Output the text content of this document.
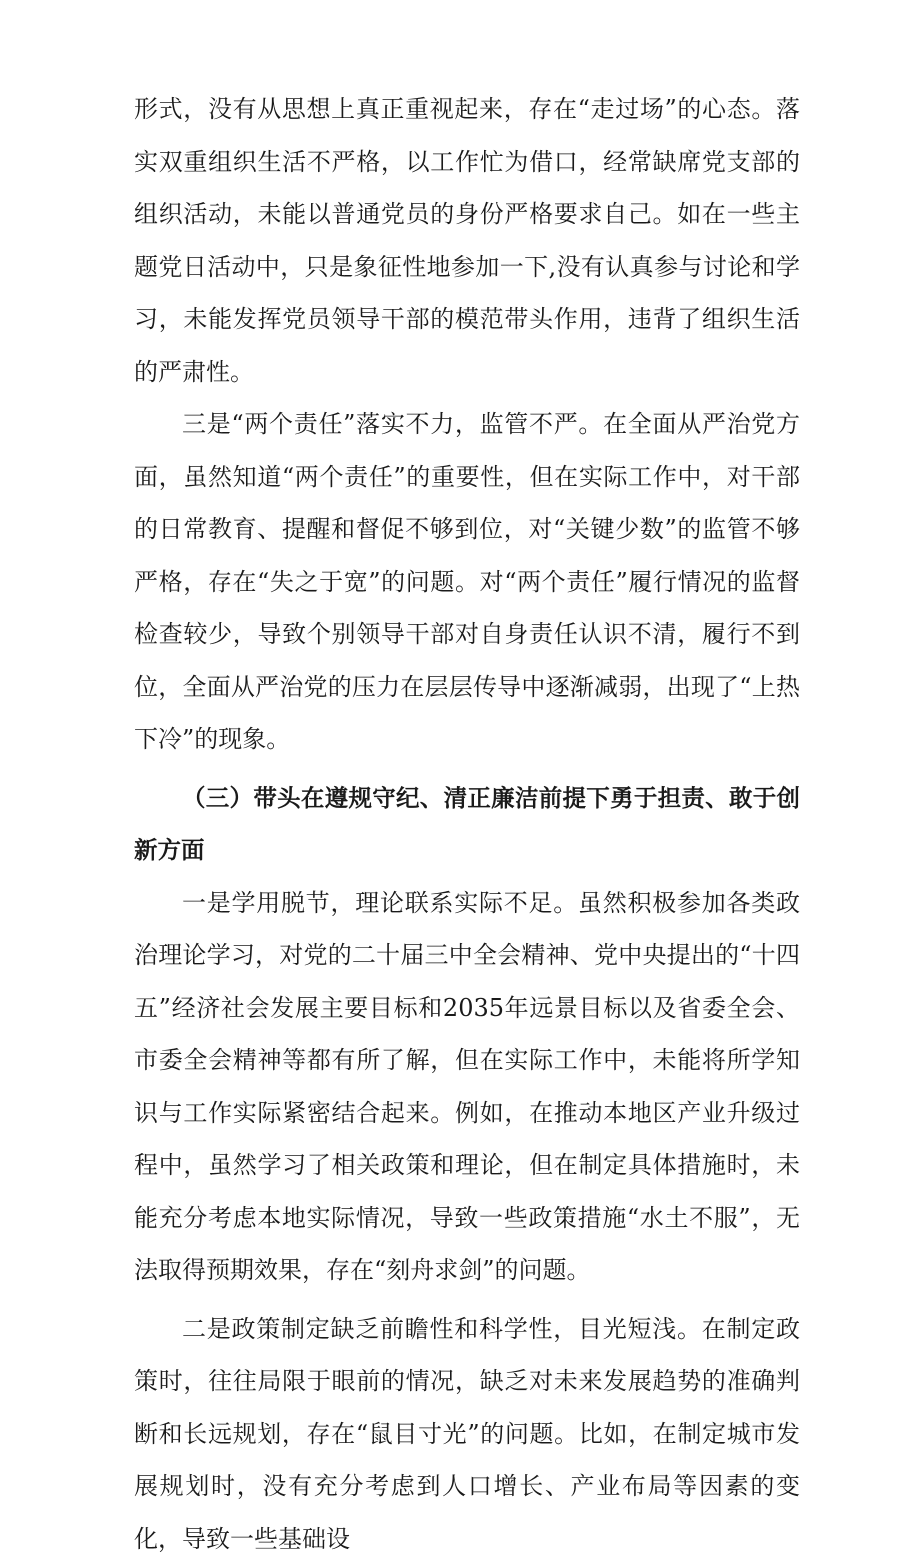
形式，没有从思想上真正重视起来，存在“走过场”的心态。落实双重组织生活不严格，以工作忙为借口，经常缺席党支部的组织活动，未能以普通党员的身份严格要求自己。如在一些主题党日活动中，只是象征性地参加一下,没有认真参与讨论和学习，未能发挥党员领导干部的模范带头作用，违背了组织生活的严肃性。

三是“两个责任”落实不力，监管不严。在全面从严治党方面，虽然知道“两个责任”的重要性，但在实际工作中，对干部的日常教育、提醒和督促不够到位，对“关键少数”的监管不够严格，存在“失之于宽”的问题。对“两个责任”履行情况的监督检查较少，导致个别领导干部对自身责任认识不清，履行不到位，全面从严治党的压力在层层传导中逐渐减弱，出现了“上热下冷”的现象。

（三）带头在遵规守纪、清正廉洁前提下勇于担责、敢于创新方面

一是学用脱节，理论联系实际不足。虽然积极参加各类政治理论学习，对党的二十届三中全会精神、党中央提出的“十四五”经济社会发展主要目标和2035年远景目标以及省委全会、市委全会精神等都有所了解，但在实际工作中，未能将所学知识与工作实际紧密结合起来。例如，在推动本地区产业升级过程中，虽然学习了相关政策和理论，但在制定具体措施时，未能充分考虑本地实际情况，导致一些政策措施“水土不服”，无法取得预期效果，存在“刻舟求剑”的问题。

二是政策制定缺乏前瞻性和科学性，目光短浅。在制定政策时，往往局限于眼前的情况，缺乏对未来发展趋势的准确判断和长远规划，存在“鼠目寸光”的问题。比如，在制定城市发展规划时，没有充分考虑到人口增长、产业布局等因素的变化，导致一些基础设
